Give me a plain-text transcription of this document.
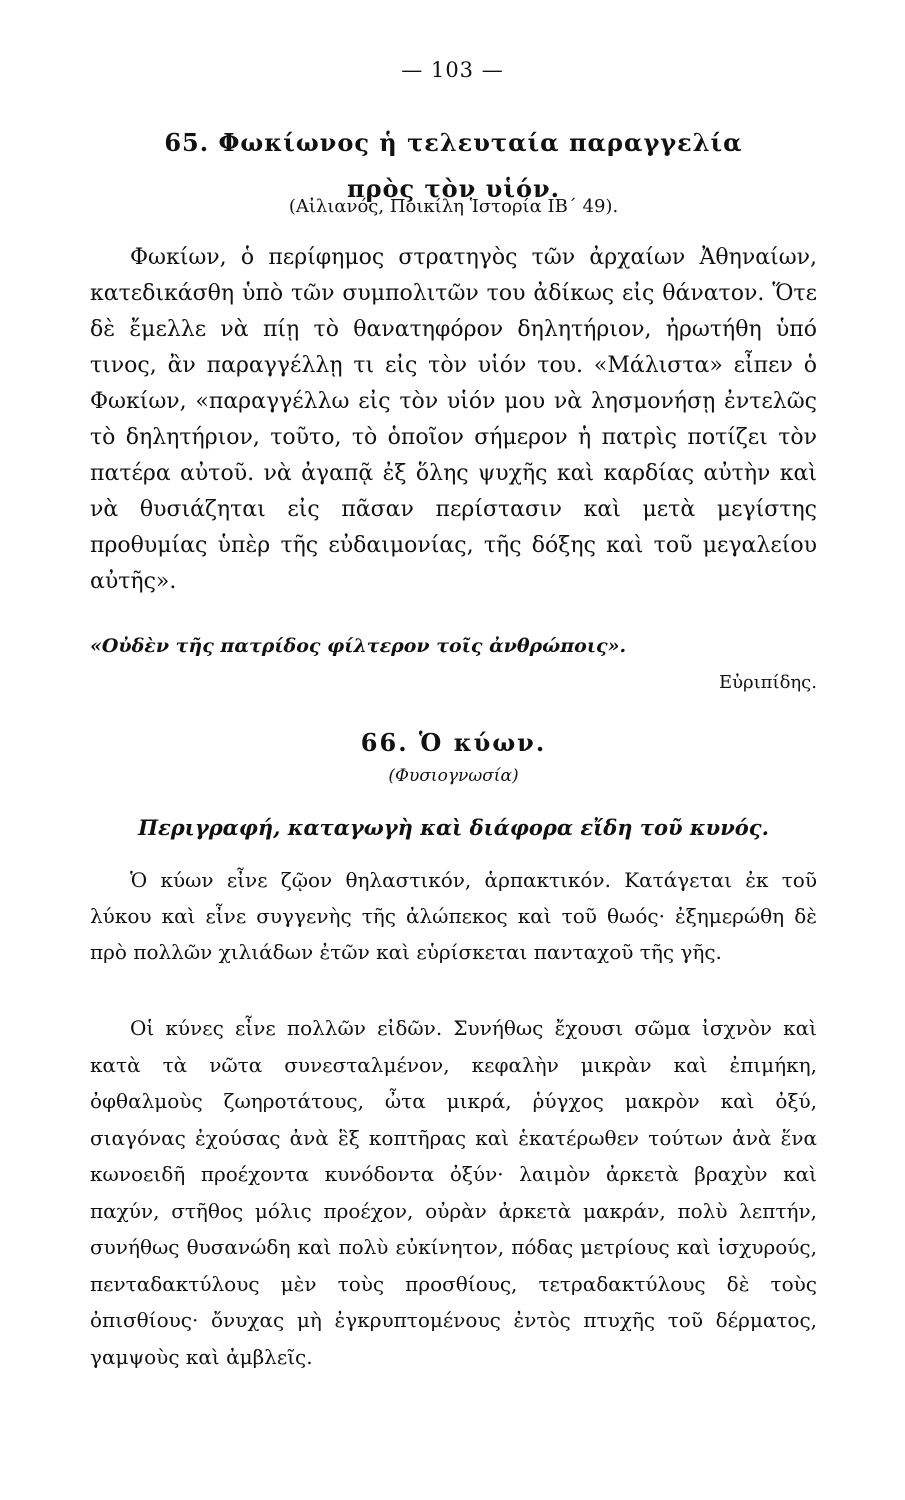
— 103 —
65. Φωκίωνος ἡ τελευταία παραγγελία
πρὸς τὸν υἱόν.
(Αἰλιανός, Ποικίλη Ἱστορία ΙΒ΄ 49).
Φωκίων, ὁ περίφημος στρατηγὸς τῶν ἀρχαίων Ἀθηναίων, κατεδικάσθη ὑπὸ τῶν συμπολιτῶν του ἀδίκως εἰς θάνατον. Ὅτε δὲ ἔμελλε νὰ πίῃ τὸ θανατηφόρον δηλητήριον, ἠρωτήθη ὑπό τινος, ἂν παραγγέλλῃ τι εἰς τὸν υἱόν του. «Μάλιστα» εἶπεν ὁ Φωκίων, «παραγγέλλω εἰς τὸν υἱόν μου νὰ λησμονήσῃ ἐντελῶς τὸ δηλητήριον, τοῦτο, τὸ ὁποῖον σήμερον ἡ πατρὶς ποτίζει τὸν πατέρα αὐτοῦ. νὰ ἀγαπᾷ ἐξ ὅλης ψυχῆς καὶ καρδίας αὐτὴν καὶ νὰ θυσιάζηται εἰς πᾶσαν περίστασιν καὶ μετὰ μεγίστης προθυμίας ὑπὲρ τῆς εὐδαιμονίας, τῆς δόξης καὶ τοῦ μεγαλείου αὐτῆς».
«Οὐδὲν τῆς πατρίδος φίλτερον τοῖς ἀνθρώποις».
Εὐριπίδης.
66. Ὁ κύων.
(Φυσιογνωσία)
Περιγραφή, καταγωγὴ καὶ διάφορα εἴδη τοῦ κυνός.
Ὁ κύων εἶνε ζῷον θηλαστικόν, ἁρπακτικόν. Κατάγεται ἐκ τοῦ λύκου καὶ εἶνε συγγενὴς τῆς ἀλώπεκος καὶ τοῦ θωός· ἐξημερώθη δὲ πρὸ πολλῶν χιλιάδων ἐτῶν καὶ εὑρίσκεται πανταχοῦ τῆς γῆς.
Οἱ κύνες εἶνε πολλῶν εἰδῶν. Συνήθως ἔχουσι σῶμα ἰσχνὸν καὶ κατὰ τὰ νῶτα συνεσταλμένον, κεφαλὴν μικρὰν καὶ ἐπιμήκη, ὀφθαλμοὺς ζωηροτάτους, ὦτα μικρά, ῥύγχος μακρὸν καὶ ὀξύ, σιαγόνας ἐχούσας ἀνὰ ἓξ κοπτῆρας καὶ ἑκατέρωθεν τούτων ἀνὰ ἕνα κωνοειδῆ προέχοντα κυνόδοντα ὀξύν· λαιμὸν ἀρκετὰ βραχὺν καὶ παχύν, στῆθος μόλις προέχον, οὐρὰν ἀρκετὰ μακράν, πολὺ λεπτήν, συνήθως θυσανώδη καὶ πολὺ εὐκίνητον, πόδας μετρίους καὶ ἰσχυρούς, πενταδακτύλους μὲν τοὺς προσθίους, τετραδακτύλους δὲ τοὺς ὀπισθίους· ὄνυχας μὴ ἐγκρυπτομένους ἐντὸς πτυχῆς τοῦ δέρματος, γαμψοὺς καὶ ἀμβλεῖς.
